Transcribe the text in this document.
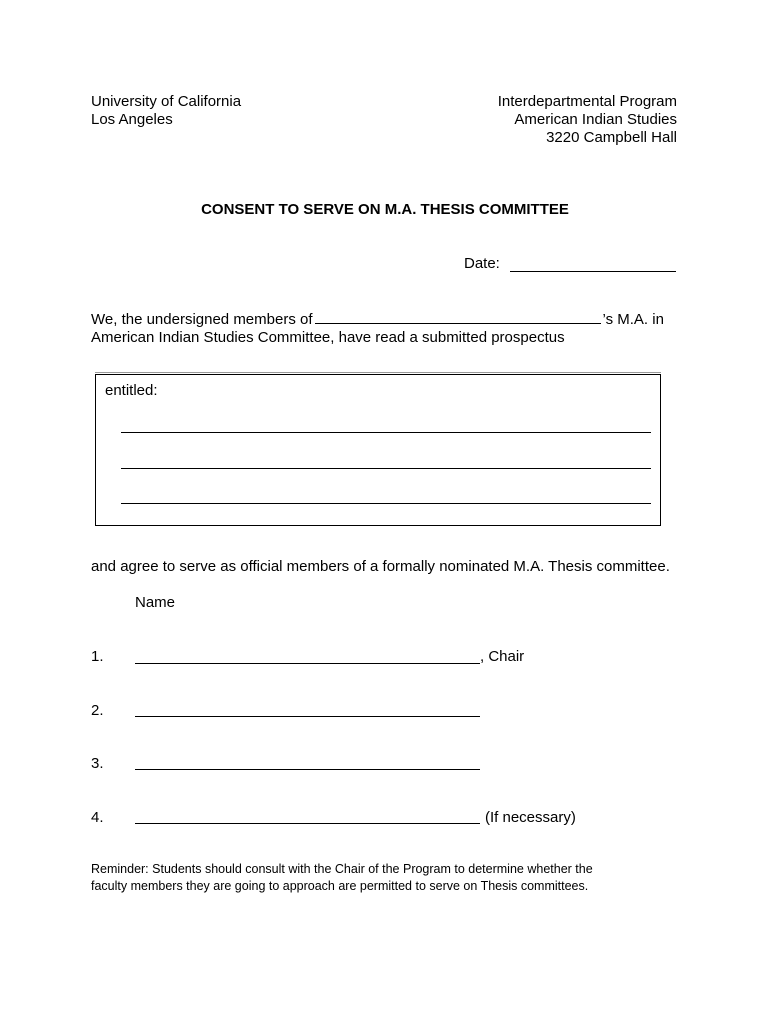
University of California
Los Angeles
Interdepartmental Program
American Indian Studies
3220 Campbell Hall
CONSENT TO SERVE ON M.A. THESIS COMMITTEE
Date:
We, the undersigned members of	’s M.A. in
American Indian Studies Committee, have read a submitted prospectus
entitled:
and agree to serve as official members of a formally nominated M.A. Thesis committee.
Name
1.	, Chair
2.
3.
4.	(If necessary)
Reminder: Students should consult with the Chair of the Program to determine whether the
faculty members they are going to approach are permitted to serve on Thesis committees.
